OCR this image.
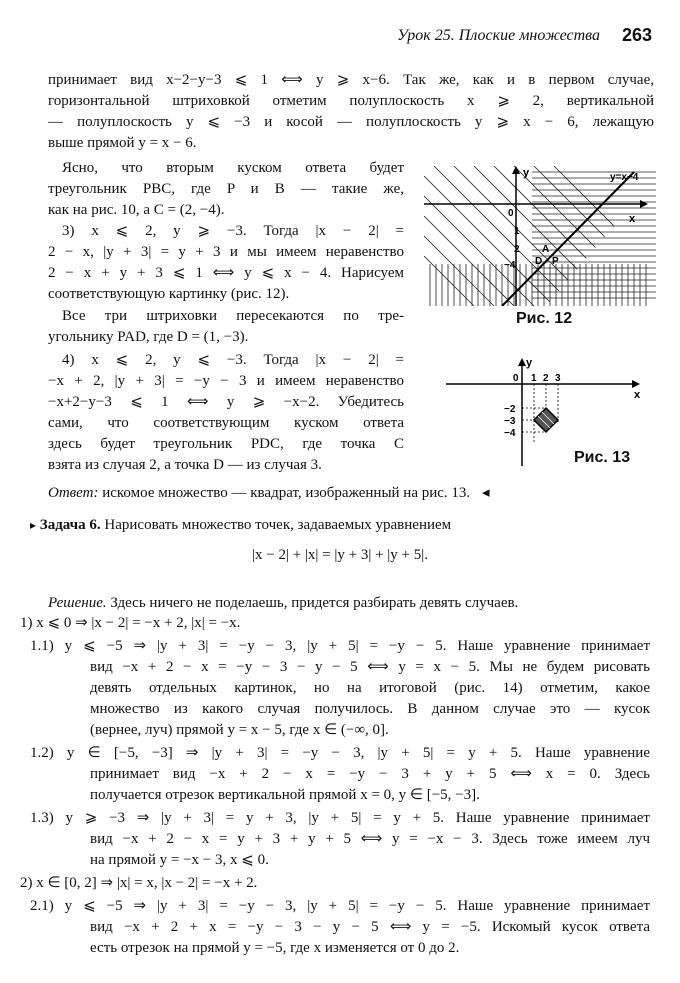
Урок 25. Плоские множества	263
принимает вид x−2−y−3 ⩽ 1 ⟺ y ⩾ x−6. Так же, как и в первом случае,
горизонтальной штриховкой отметим полуплоскость x ⩾ 2, вертикальной
— полуплоскость y ⩽ −3 и косой — полуплоскость y ⩾ x − 6, лежащую
выше прямой y = x − 6.
Ясно, что вторым куском ответа будет
треугольник PBC, где P и B — такие же,
как на рис. 10, а C = (2, −4).
3) x ⩽ 2, y ⩾ −3. Тогда |x − 2| =
2 − x, |y + 3| = y + 3 и мы имеем неравенство
2 − x + y + 3 ⩽ 1 ⟺ y ⩽ x − 4. Нарисуем
соответствующую картинку (рис. 12).
Все три штриховки пересекаются по тре-
угольнику PAD, где D = (1, −3).
4) x ⩽ 2, y ⩽ −3. Тогда |x − 2| =
−x + 2, |y + 3| = −y − 3 и имеем неравенство
−x+2−y−3 ⩽ 1 ⟺ y ⩾ −x−2. Убедитесь
сами, что соответствующим куском ответа
здесь будет треугольник PDC, где точка C
взята из случая 2, а точка D — из случая 3.
Ответ: искомое множество — квадрат, изображенный на рис. 13. ◂
▸ Задача 6. Нарисовать множество точек, задаваемых уравнением
|x − 2| + |x| = |y + 3| + |y + 5|.
Решение. Здесь ничего не поделаешь, придется разбирать девять случаев.
1) x ⩽ 0 ⇒ |x − 2| = −x + 2, |x| = −x.
1.1) y ⩽ −5 ⇒ |y + 3| = −y − 3, |y + 5| = −y − 5. Наше уравнение принимает
вид −x + 2 − x = −y − 3 − y − 5 ⟺ y = x − 5. Мы не будем рисовать
девять отдельных картинок, но на итоговой (рис. 14) отметим, какое
множество из какого случая получилось. В данном случае это — кусок
(вернее, луч) прямой y = x − 5, где x ∈ (−∞, 0].
1.2) y ∈ [−5, −3] ⇒ |y + 3| = −y − 3, |y + 5| = y + 5. Наше уравнение
принимает вид −x + 2 − x = −y − 3 + y + 5 ⟺ x = 0. Здесь
получается отрезок вертикальной прямой x = 0, y ∈ [−5, −3].
1.3) y ⩾ −3 ⇒ |y + 3| = y + 3, |y + 5| = y + 5. Наше уравнение принимает
вид −x + 2 − x = y + 3 + y + 5 ⟺ y = −x − 3. Здесь тоже имеем луч
на прямой y = −x − 3, x ⩽ 0.
2) x ∈ [0, 2] ⇒ |x| = x, |x − 2| = −x + 2.
2.1) y ⩽ −5 ⇒ |y + 3| = −y − 3, |y + 5| = −y − 5. Наше уравнение принимает
вид −x + 2 + x = −y − 3 − y − 5 ⟺ y = −5. Искомый кусок ответа
есть отрезок на прямой y = −5, где x изменяется от 0 до 2.
y
x
y=x−4
0
1
2
−4
A
D P
Рис. 12
y
x
0 1 2 3
−2
−3
−4
Рис. 13
